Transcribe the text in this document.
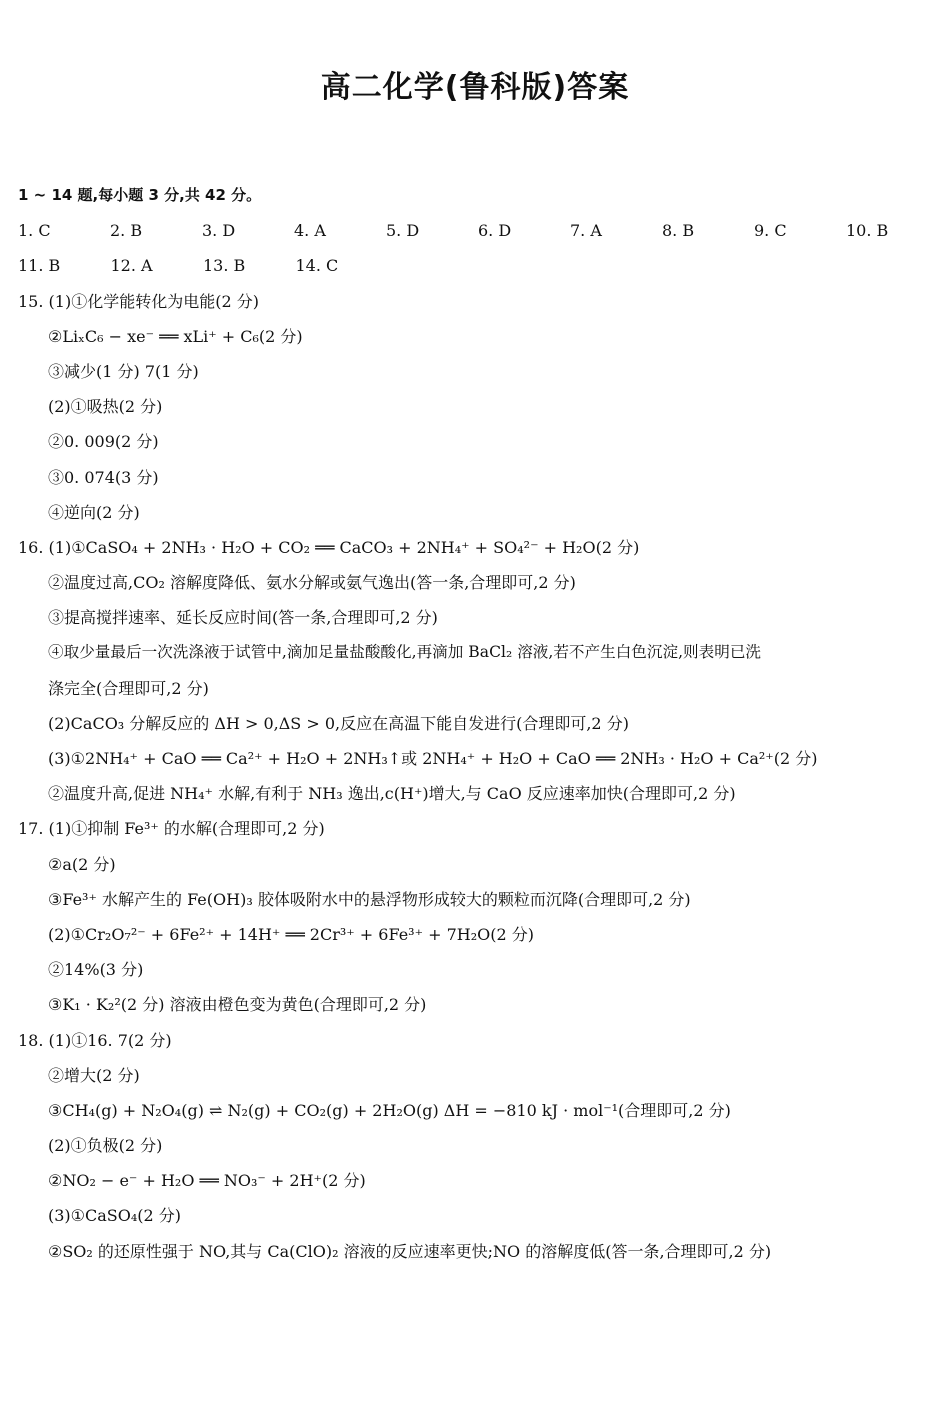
高二化学(鲁科版)答案
1 ~ 14 题,每小题 3 分,共 42 分。
1. C	2. B	3. D	4. A	5. D	6. D	7. A	8. B	9. C	10. B
11. B	12. A	13. B	14. C
15. (1)①化学能转化为电能(2 分)
②LiₓC₆ − xe⁻ ══ xLi⁺ + C₆(2 分)
③减少(1 分) 7(1 分)
(2)①吸热(2 分)
②0. 009(2 分)
③0. 074(3 分)
④逆向(2 分)
16. (1)①CaSO₄ + 2NH₃ · H₂O + CO₂ ══ CaCO₃ + 2NH₄⁺ + SO₄²⁻ + H₂O(2 分)
②温度过高,CO₂ 溶解度降低、氨水分解或氨气逸出(答一条,合理即可,2 分)
③提高搅拌速率、延长反应时间(答一条,合理即可,2 分)
④取少量最后一次洗涤液于试管中,滴加足量盐酸酸化,再滴加 BaCl₂ 溶液,若不产生白色沉淀,则表明已洗
涤完全(合理即可,2 分)
(2)CaCO₃ 分解反应的 ΔH > 0,ΔS > 0,反应在高温下能自发进行(合理即可,2 分)
(3)①2NH₄⁺ + CaO ══ Ca²⁺ + H₂O + 2NH₃↑或 2NH₄⁺ + H₂O + CaO ══ 2NH₃ · H₂O + Ca²⁺(2 分)
②温度升高,促进 NH₄⁺ 水解,有利于 NH₃ 逸出,c(H⁺)增大,与 CaO 反应速率加快(合理即可,2 分)
17. (1)①抑制 Fe³⁺ 的水解(合理即可,2 分)
②a(2 分)
③Fe³⁺ 水解产生的 Fe(OH)₃ 胶体吸附水中的悬浮物形成较大的颗粒而沉降(合理即可,2 分)
(2)①Cr₂O₇²⁻ + 6Fe²⁺ + 14H⁺ ══ 2Cr³⁺ + 6Fe³⁺ + 7H₂O(2 分)
②14%(3 分)
③K₁ · K₂²(2 分) 溶液由橙色变为黄色(合理即可,2 分)
18. (1)①16. 7(2 分)
②增大(2 分)
③CH₄(g) + N₂O₄(g) ⇌ N₂(g) + CO₂(g) + 2H₂O(g) ΔH = −810 kJ · mol⁻¹(合理即可,2 分)
(2)①负极(2 分)
②NO₂ − e⁻ + H₂O ══ NO₃⁻ + 2H⁺(2 分)
(3)①CaSO₄(2 分)
②SO₂ 的还原性强于 NO,其与 Ca(ClO)₂ 溶液的反应速率更快;NO 的溶解度低(答一条,合理即可,2 分)
